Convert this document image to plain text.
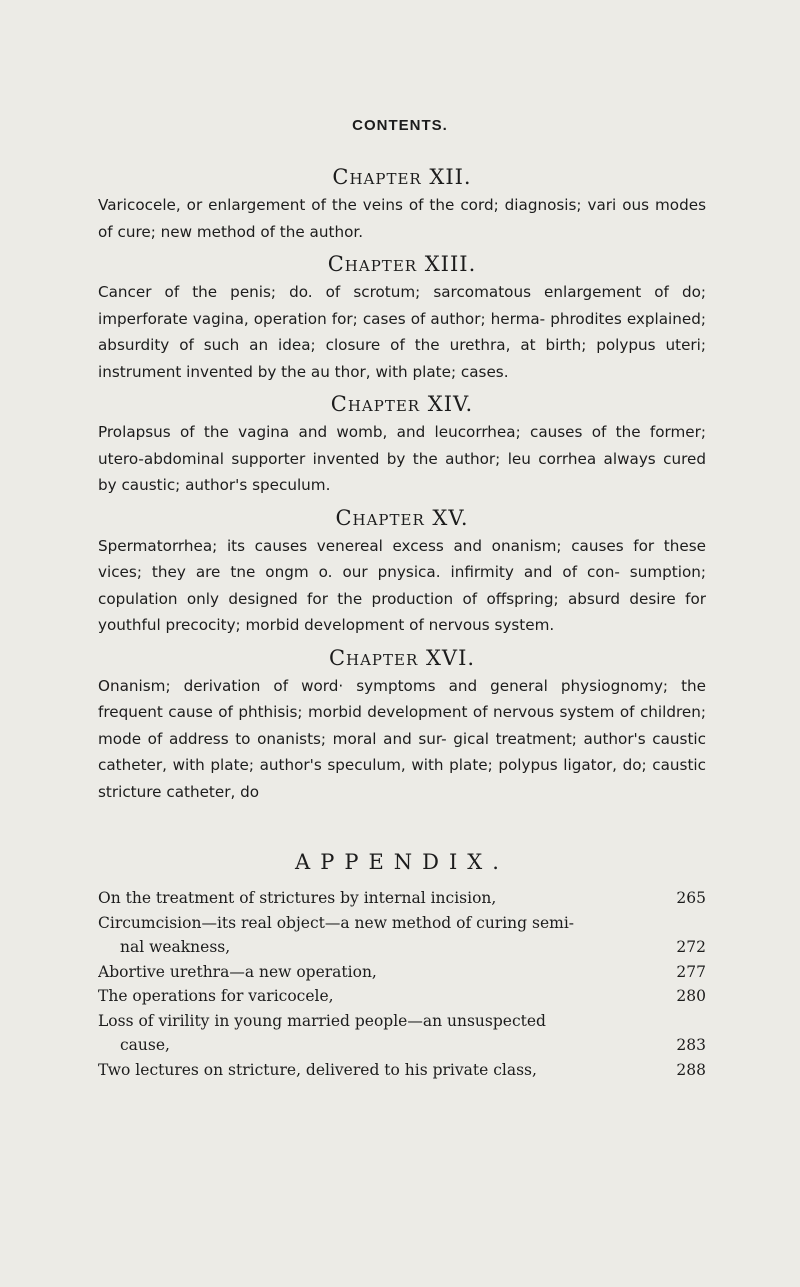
CONTENTS.

Chapter XII.

Varicocele, or enlargement of the veins of the cord; diagnosis; vari ous modes of cure; new method of the author.

Chapter XIII.

Cancer of the penis; do. of scrotum; sarcomatous enlargement of do; imperforate vagina, operation for; cases of author; herma- phrodites explained; absurdity of such an idea; closure of the urethra, at birth; polypus uteri; instrument invented by the au thor, with plate; cases.

Chapter XIV.

Prolapsus of the vagina and womb, and leucorrhea; causes of the former; utero-abdominal supporter invented by the author; leu corrhea always cured by caustic; author's speculum.

Chapter XV.

Spermatorrhea; its causes venereal excess and onanism; causes for these vices; they are tne ongm o. our pnysica. infirmity and of con- sumption; copulation only designed for the production of offspring; absurd desire for youthful precocity; morbid development of nervous system.

Chapter XVI.

Onanism; derivation of word· symptoms and general physiognomy; the frequent cause of phthisis; morbid development of nervous system of children; mode of address to onanists; moral and sur- gical treatment; author's caustic catheter, with plate; author's speculum, with plate; polypus ligator, do; caustic stricture catheter, do

APPENDIX.

On the treatment of strictures by internal incision,	265
Circumcision—its real object—a new method of curing semi-
nal weakness,	272
Abortive urethra—a new operation,	277
The operations for varicocele,	280
Loss of virility in young married people—an unsuspected
cause,	283
Two lectures on stricture, delivered to his private class,	288
